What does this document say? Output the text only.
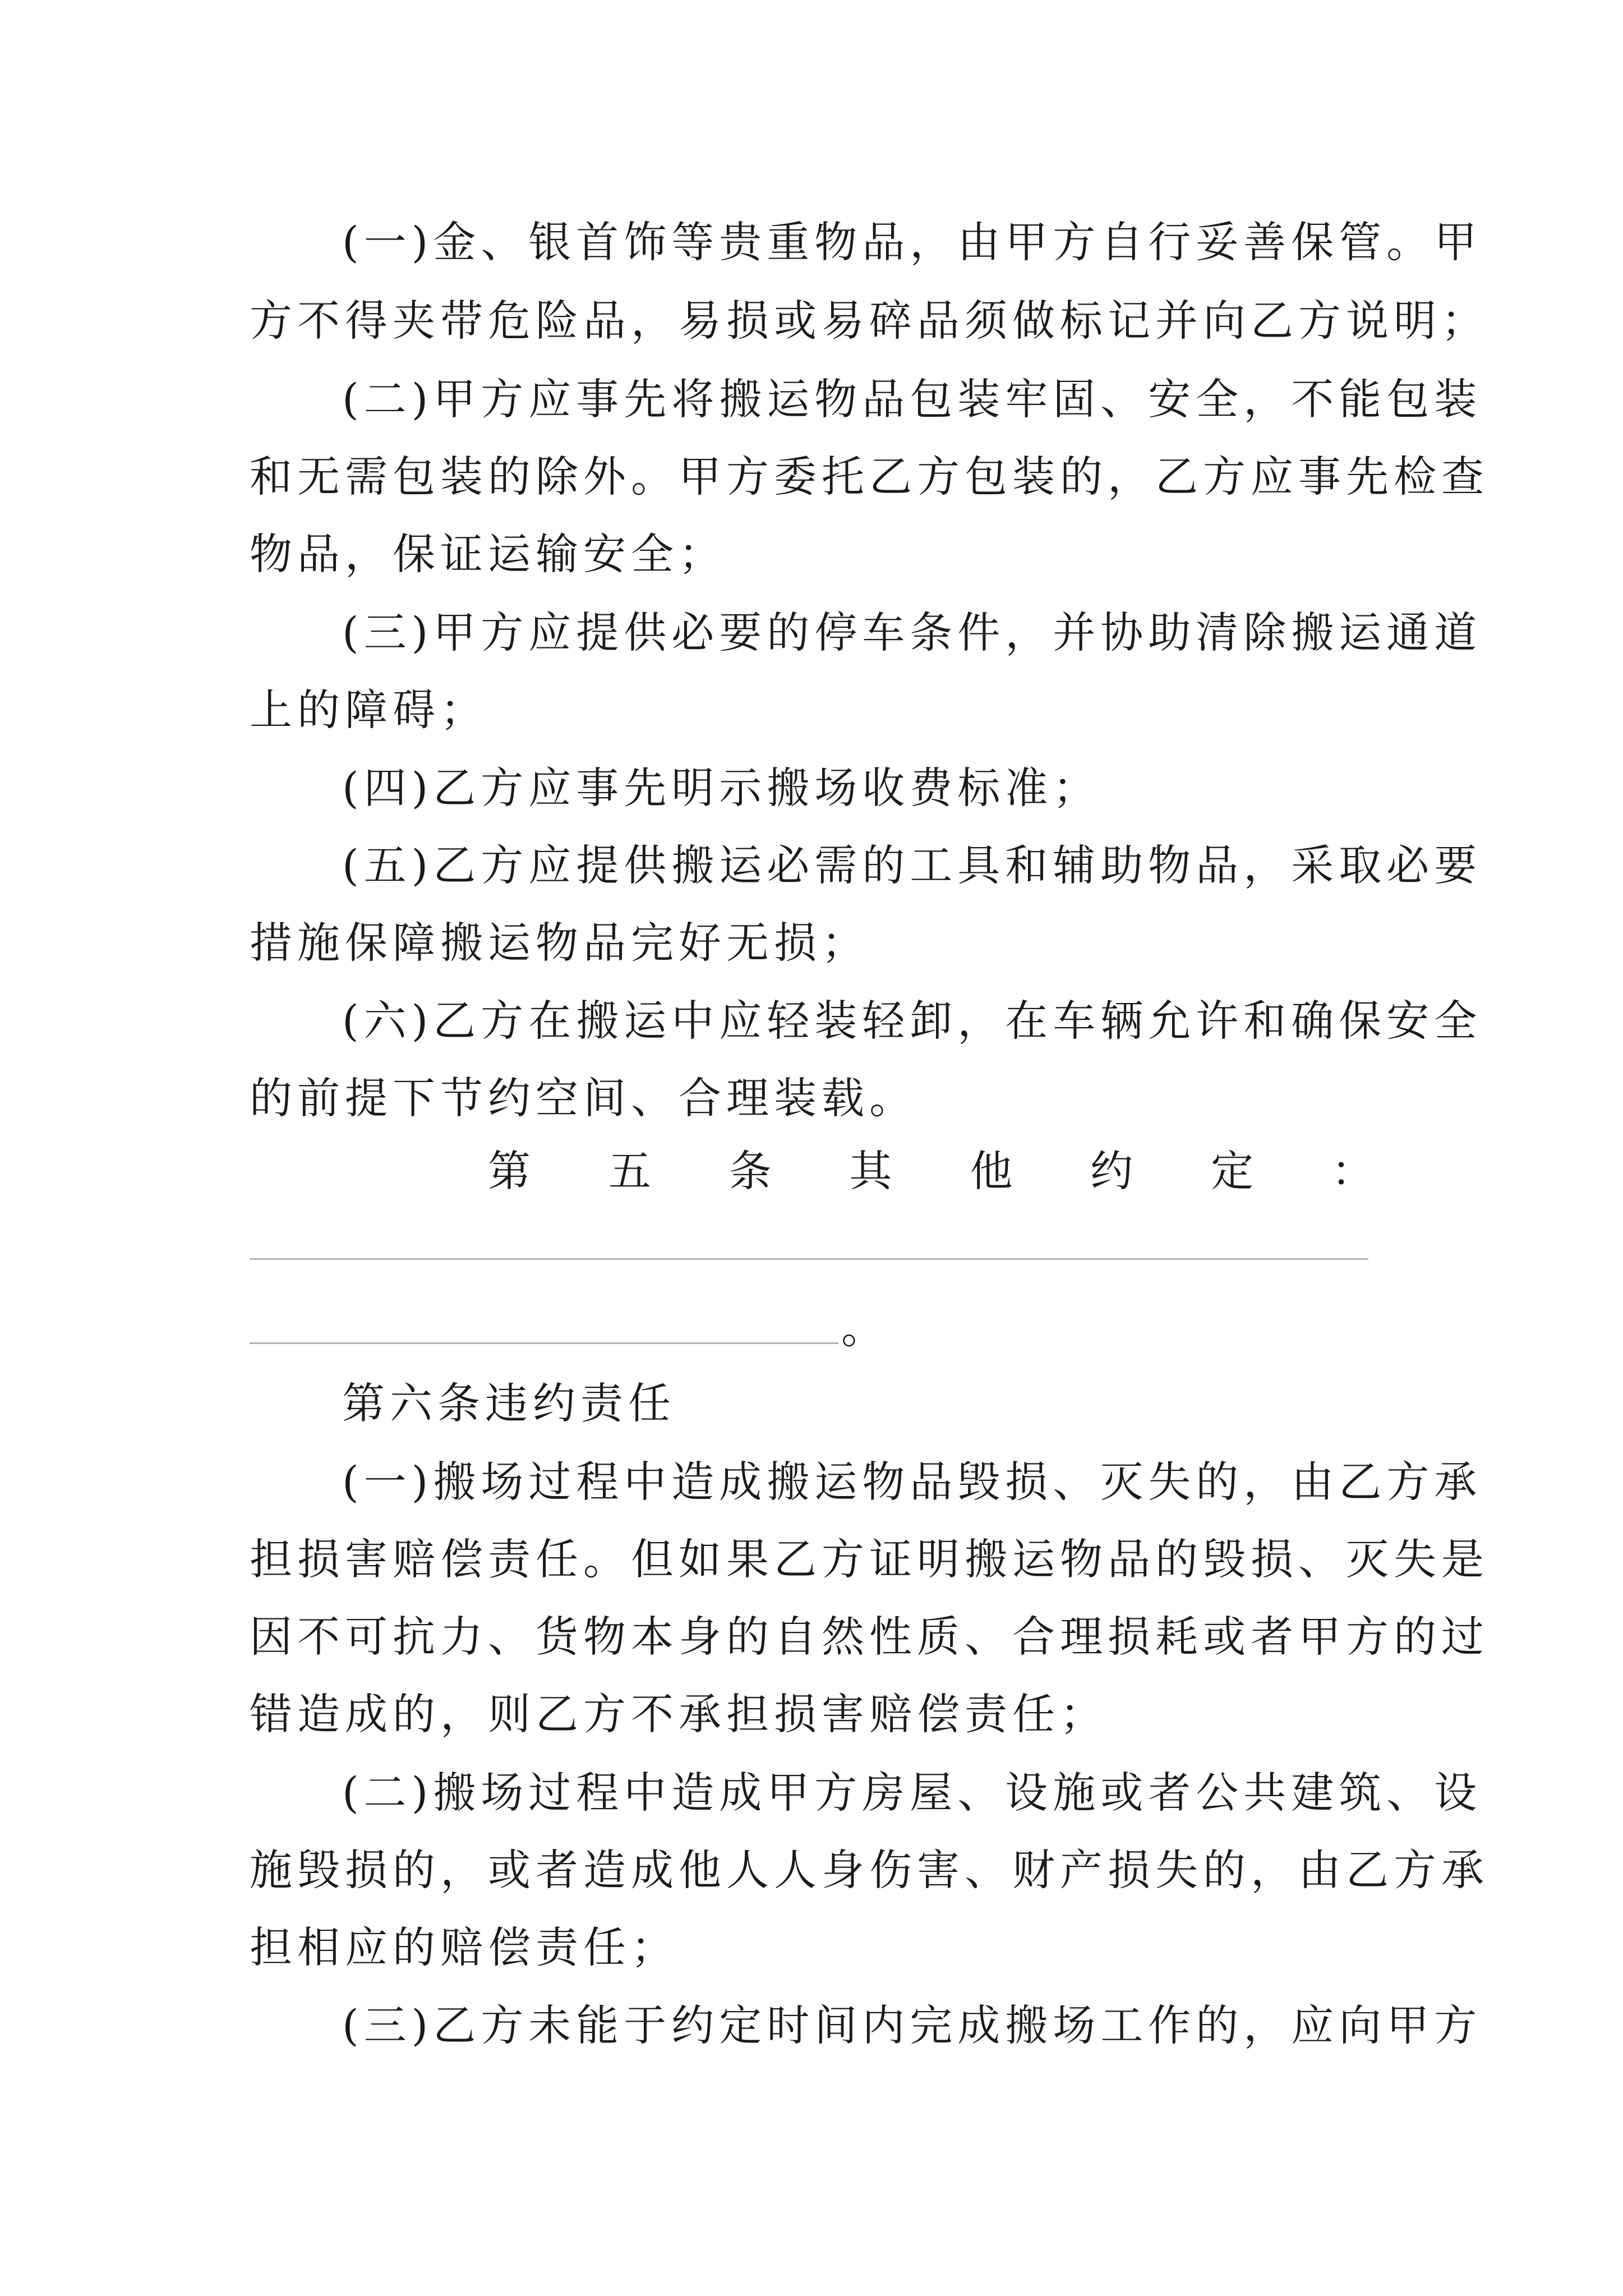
(一)金、银首饰等贵重物品，由甲方自行妥善保管。甲
方不得夹带危险品，易损或易碎品须做标记并向乙方说明；
(二)甲方应事先将搬运物品包装牢固、安全，不能包装
和无需包装的除外。甲方委托乙方包装的，乙方应事先检查
物品，保证运输安全；
(三)甲方应提供必要的停车条件，并协助清除搬运通道
上的障碍；
(四)乙方应事先明示搬场收费标准；
(五)乙方应提供搬运必需的工具和辅助物品，采取必要
措施保障搬运物品完好无损；
(六)乙方在搬运中应轻装轻卸，在车辆允许和确保安全
的前提下节约空间、合理装载。
第 五 条 其 他 约 定 ：
。
第六条违约责任
(一)搬场过程中造成搬运物品毁损、灭失的，由乙方承
担损害赔偿责任。但如果乙方证明搬运物品的毁损、灭失是
因不可抗力、货物本身的自然性质、合理损耗或者甲方的过
错造成的，则乙方不承担损害赔偿责任；
(二)搬场过程中造成甲方房屋、设施或者公共建筑、设
施毁损的，或者造成他人人身伤害、财产损失的，由乙方承
担相应的赔偿责任；
(三)乙方未能于约定时间内完成搬场工作的，应向甲方
